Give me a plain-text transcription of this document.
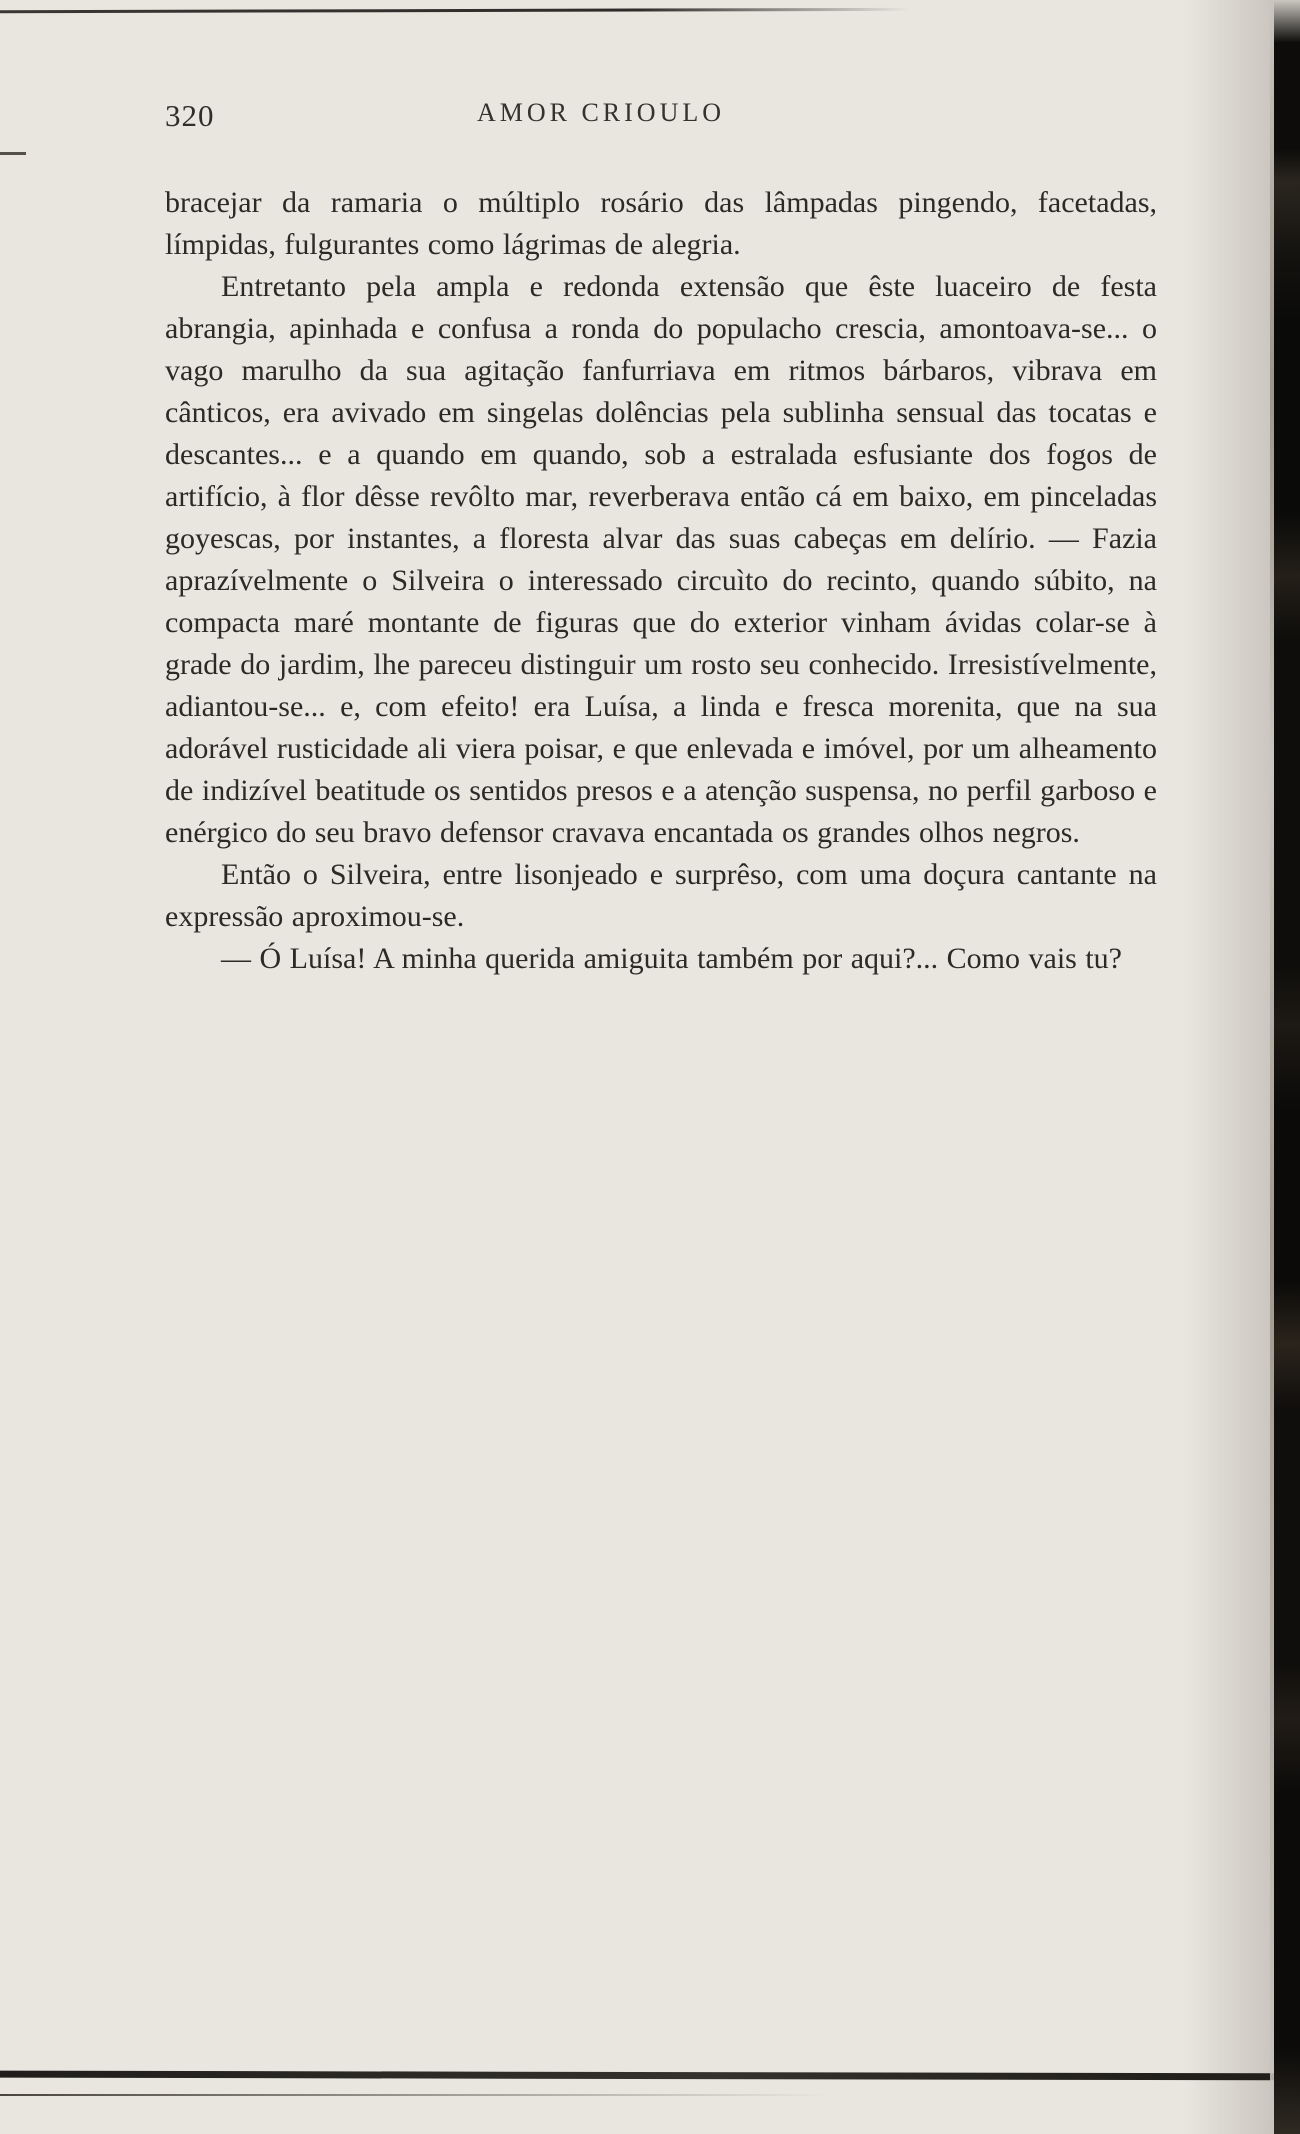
320	AMOR CRIOULO

bracejar da ramaria o múltiplo rosário das lâmpadas pingendo, facetadas, límpidas, fulgurantes como lágrimas de alegria.

Entretanto pela ampla e redonda extensão que êste luaceiro de festa abrangia, apinhada e confusa a ronda do populacho crescia, amontoava-se... o vago marulho da sua agitação fanfurriava em ritmos bárbaros, vibrava em cânticos, era avivado em singelas dolências pela sublinha sensual das tocatas e descantes... e a quando em quando, sob a estralada esfusiante dos fogos de artifício, à flor dêsse revôlto mar, reverberava então cá em baixo, em pinceladas goyescas, por instantes, a floresta alvar das suas cabeças em delírio. — Fazia aprazívelmente o Silveira o interessado circuìto do recinto, quando súbito, na compacta maré montante de figuras que do exterior vinham ávidas colar-se à grade do jardim, lhe pareceu distinguir um rosto seu conhecido. Irresistívelmente, adiantou-se... e, com efeito! era Luísa, a linda e fresca morenita, que na sua adorável rusticidade ali viera poisar, e que enlevada e imóvel, por um alheamento de indizível beatitude os sentidos presos e a atenção suspensa, no perfil garboso e enérgico do seu bravo defensor cravava encantada os grandes olhos negros.

Então o Silveira, entre lisonjeado e surprêso, com uma doçura cantante na expressão aproximou-se.

— Ó Luísa! A minha querida amiguita também por aqui?... Como vais tu?
